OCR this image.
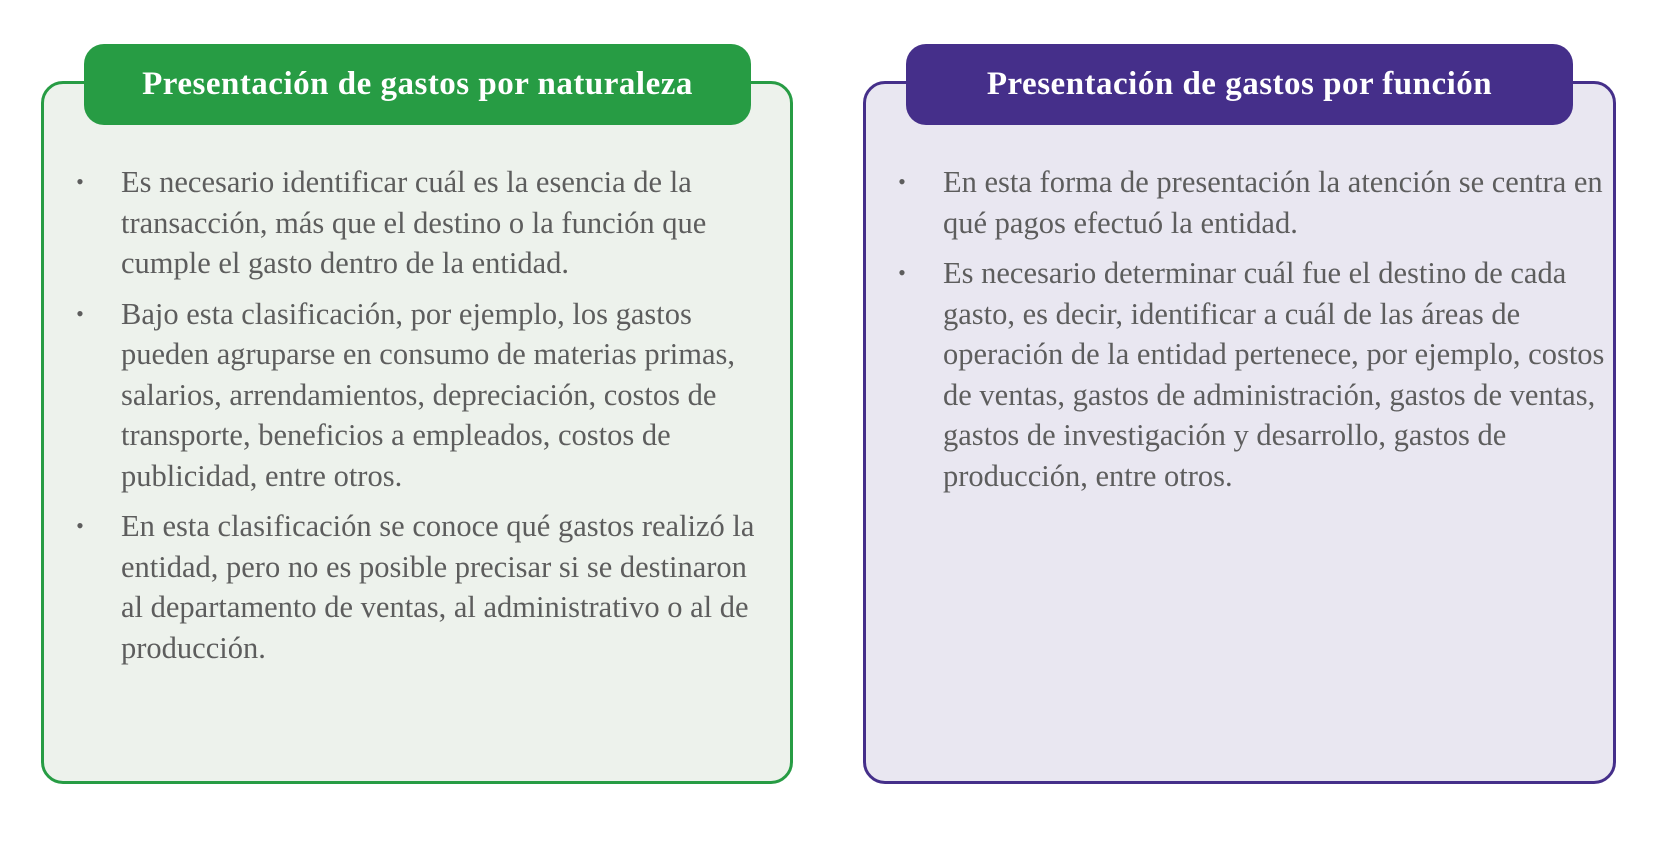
Presentación de gastos por naturaleza
• Es necesario identificar cuál es la esencia de la transacción, más que el destino o la función que cumple el gasto dentro de la entidad.
• Bajo esta clasificación, por ejemplo, los gastos pueden agruparse en consumo de materias primas, salarios, arrendamientos, depreciación, costos de transporte, beneficios a empleados, costos de publicidad, entre otros.
• En esta clasificación se conoce qué gastos realizó la entidad, pero no es posible precisar si se destinaron al departamento de ventas, al administrativo o al de producción.
Presentación de gastos por función
• En esta forma de presentación la atención se centra en qué pagos efectuó la entidad.
• Es necesario determinar cuál fue el destino de cada gasto, es decir, identificar a cuál de las áreas de operación de la entidad pertenece, por ejemplo, costos de ventas, gastos de administración, gastos de ventas, gastos de investigación y desarrollo, gastos de producción, entre otros.
